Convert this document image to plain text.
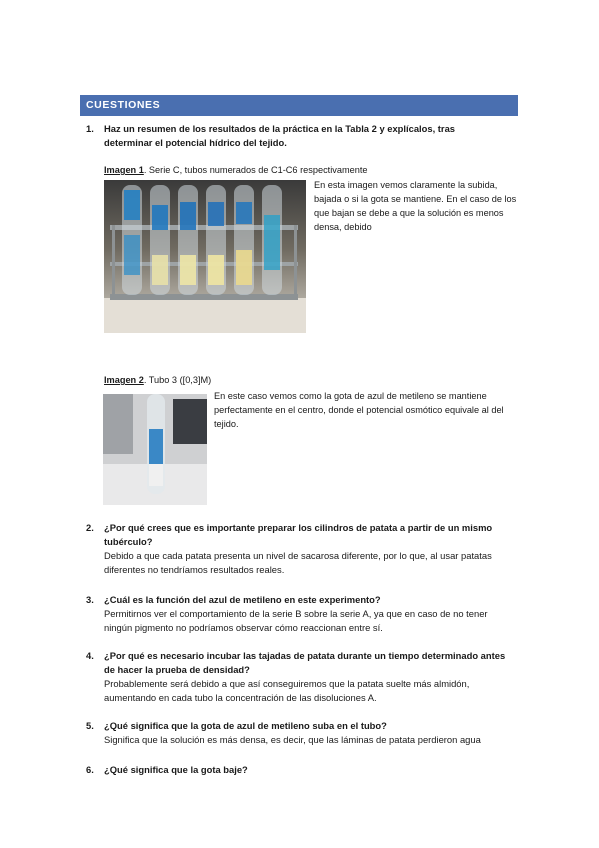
CUESTIONES
1. Haz un resumen de los resultados de la práctica en la Tabla 2 y explícalos, tras determinar el potencial hídrico del tejido.
Imagen 1. Serie C, tubos numerados de C1-C6 respectivamente
En esta imagen vemos claramente la subida, bajada o si la gota se mantiene. En el caso de los que bajan se debe a que la solución es menos densa, debido
Imagen 2. Tubo 3 ([0,3]M)
En este caso vemos como la gota de azul de metileno se mantiene perfectamente en el centro, donde el potencial osmótico equivale al del tejido.
2. ¿Por qué crees que es importante preparar los cilindros de patata a partir de un mismo tubérculo?
Debido a que cada patata presenta un nivel de sacarosa diferente, por lo que, al usar patatas diferentes no tendríamos resultados reales.
3. ¿Cuál es la función del azul de metileno en este experimento?
Permitirnos ver el comportamiento de la serie B sobre la serie A, ya que en caso de no tener ningún pigmento no podríamos observar cómo reaccionan entre sí.
4. ¿Por qué es necesario incubar las tajadas de patata durante un tiempo determinado antes de hacer la prueba de densidad?
Probablemente será debido a que así conseguiremos que la patata suelte más almidón, aumentando en cada tubo la concentración de las disoluciones A.
5. ¿Qué significa que la gota de azul de metileno suba en el tubo?
Significa que la solución es más densa, es decir, que las láminas de patata perdieron agua
6. ¿Qué significa que la gota baje?
